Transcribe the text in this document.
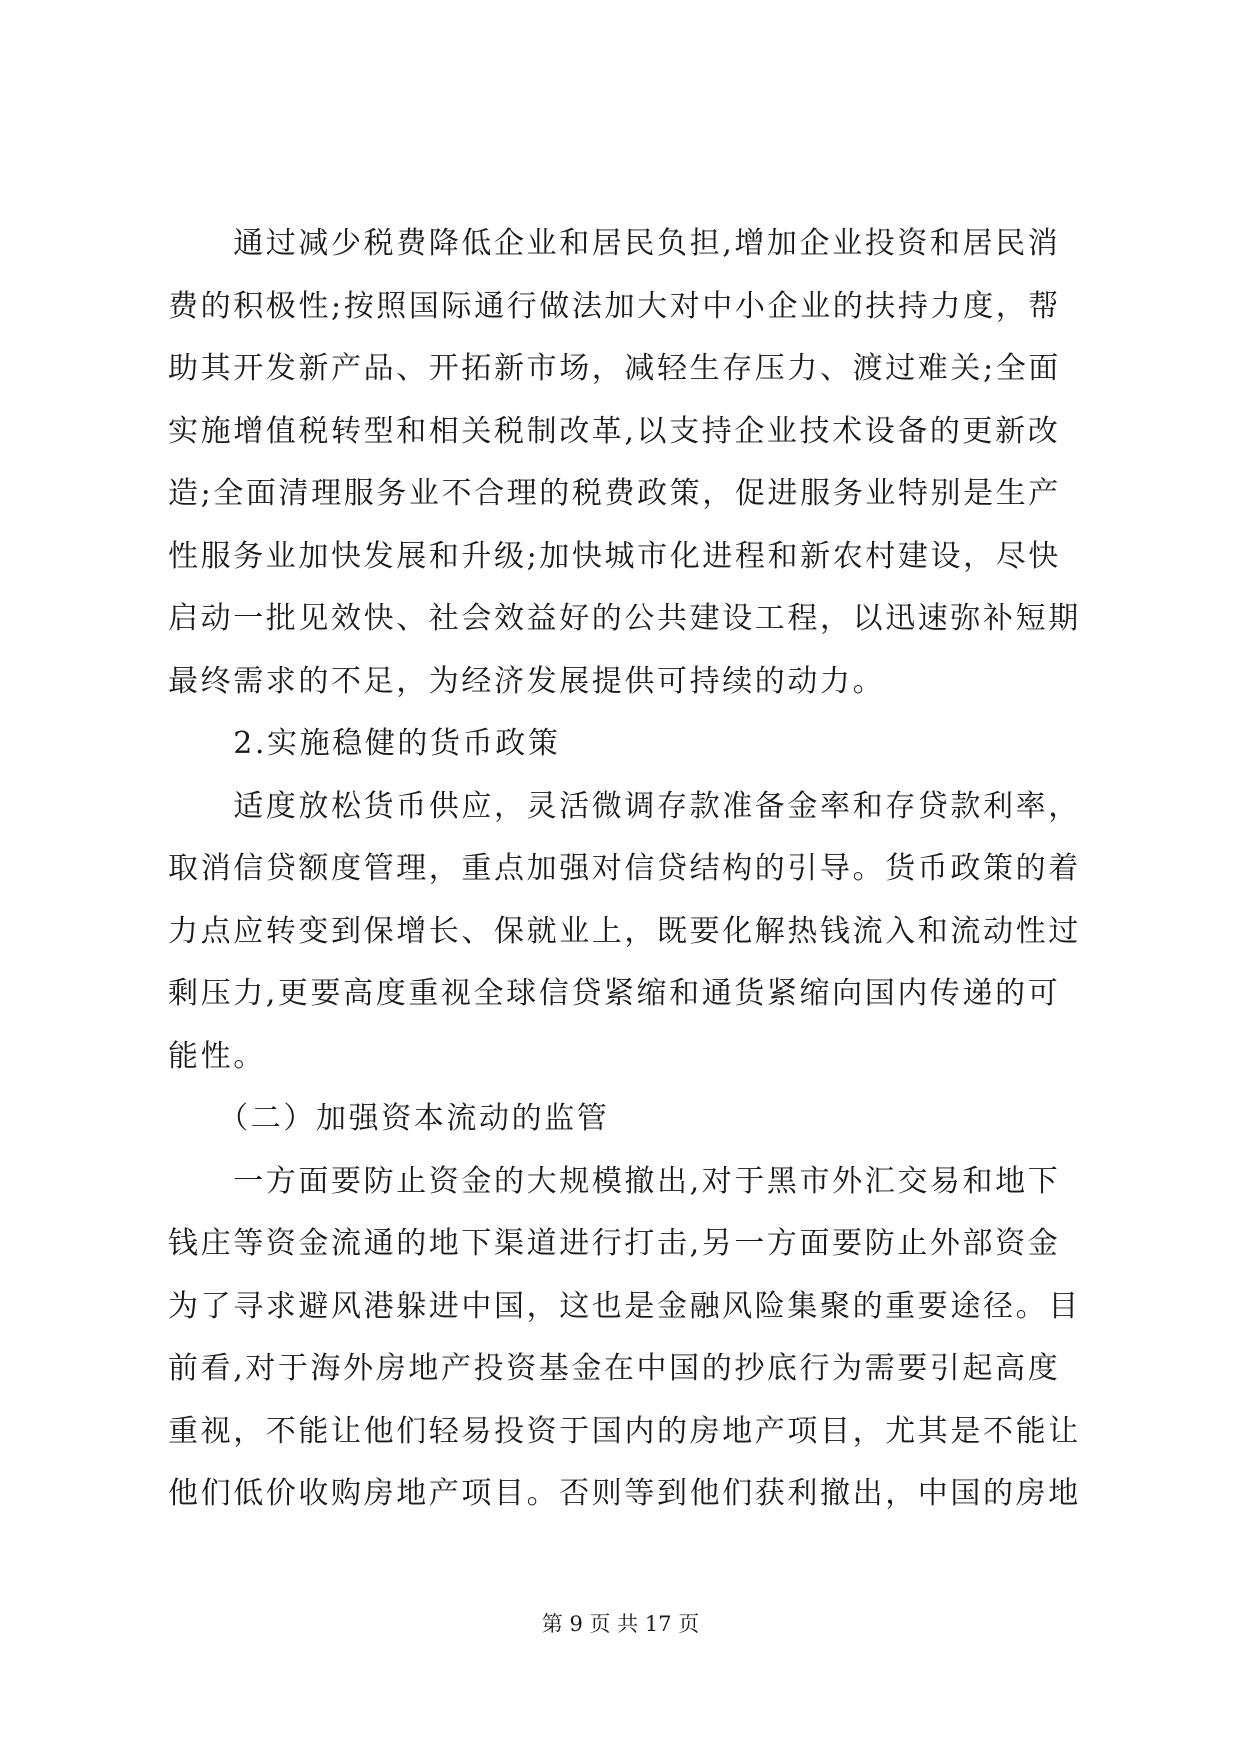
　　通过减少税费降低企业和居民负担,增加企业投资和居民消
费的积极性;按照国际通行做法加大对中小企业的扶持力度，帮
助其开发新产品、开拓新市场，减轻生存压力、渡过难关;全面
实施增值税转型和相关税制改革,以支持企业技术设备的更新改
造;全面清理服务业不合理的税费政策，促进服务业特别是生产
性服务业加快发展和升级;加快城市化进程和新农村建设，尽快
启动一批见效快、社会效益好的公共建设工程，以迅速弥补短期
最终需求的不足，为经济发展提供可持续的动力。
　　2.实施稳健的货币政策
　　适度放松货币供应，灵活微调存款准备金率和存贷款利率，
取消信贷额度管理，重点加强对信贷结构的引导。货币政策的着
力点应转变到保增长、保就业上，既要化解热钱流入和流动性过
剩压力,更要高度重视全球信贷紧缩和通货紧缩向国内传递的可
能性。
　　（二）加强资本流动的监管
　　一方面要防止资金的大规模撤出,对于黑市外汇交易和地下
钱庄等资金流通的地下渠道进行打击,另一方面要防止外部资金
为了寻求避风港躲进中国，这也是金融风险集聚的重要途径。目
前看,对于海外房地产投资基金在中国的抄底行为需要引起高度
重视，不能让他们轻易投资于国内的房地产项目，尤其是不能让
他们低价收购房地产项目。否则等到他们获利撤出，中国的房地
第 9 页 共 17 页
